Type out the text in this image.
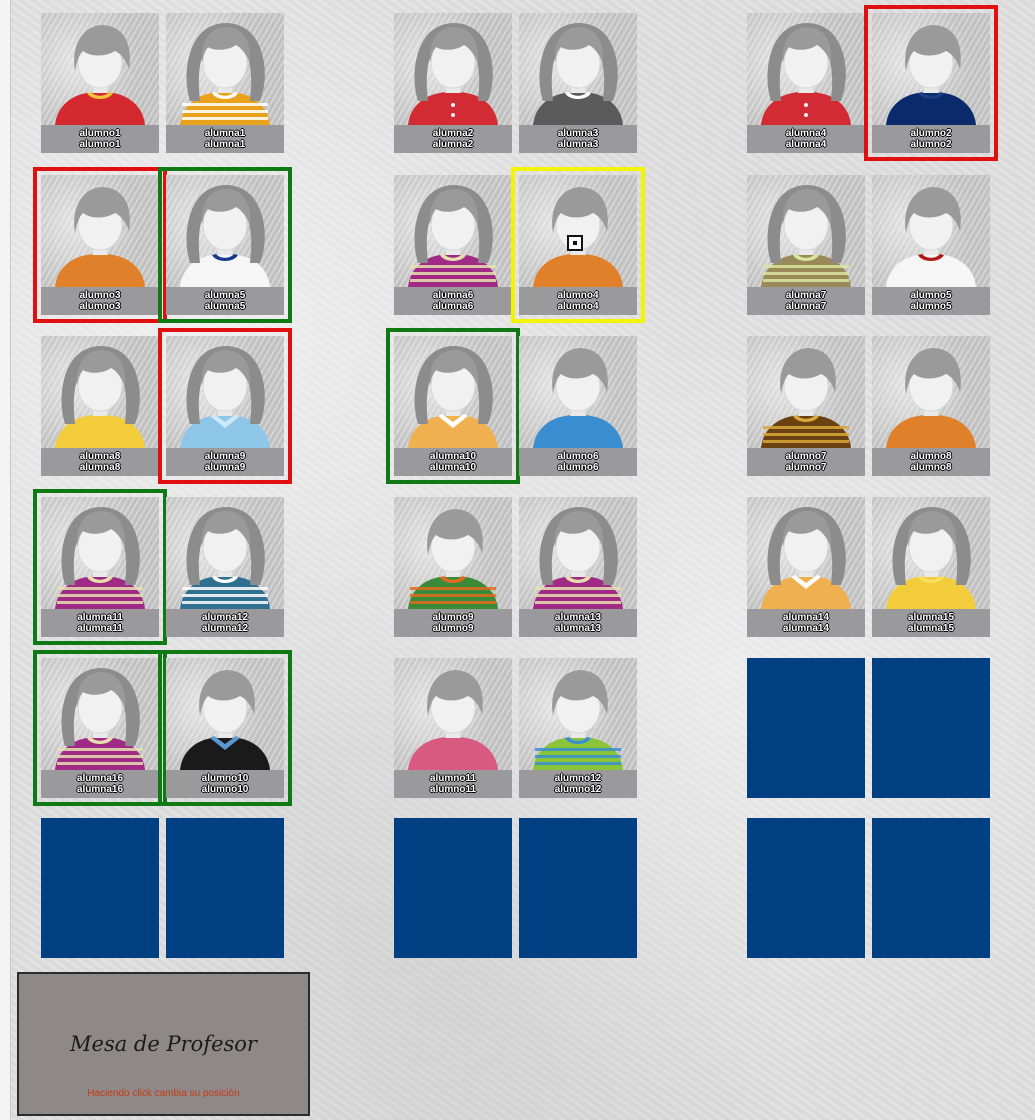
alumno1
alumno1
alumna1
alumna1
alumna2
alumna2
alumna3
alumna3
alumna4
alumna4
alumno2
alumno2
alumno3
alumno3
alumna5
alumna5
alumna6
alumna6
alumno4
alumno4
alumna7
alumna7
alumno5
alumno5
alumna8
alumna8
alumna9
alumna9
alumna10
alumna10
alumno6
alumno6
alumno7
alumno7
alumno8
alumno8
alumna11
alumna11
alumna12
alumna12
alumno9
alumno9
alumna13
alumna13
alumna14
alumna14
alumna15
alumna15
alumna16
alumna16
alumno10
alumno10
alumno11
alumno11
alumno12
alumno12
Mesa de Profesor
Haciendo click cambia su posición
